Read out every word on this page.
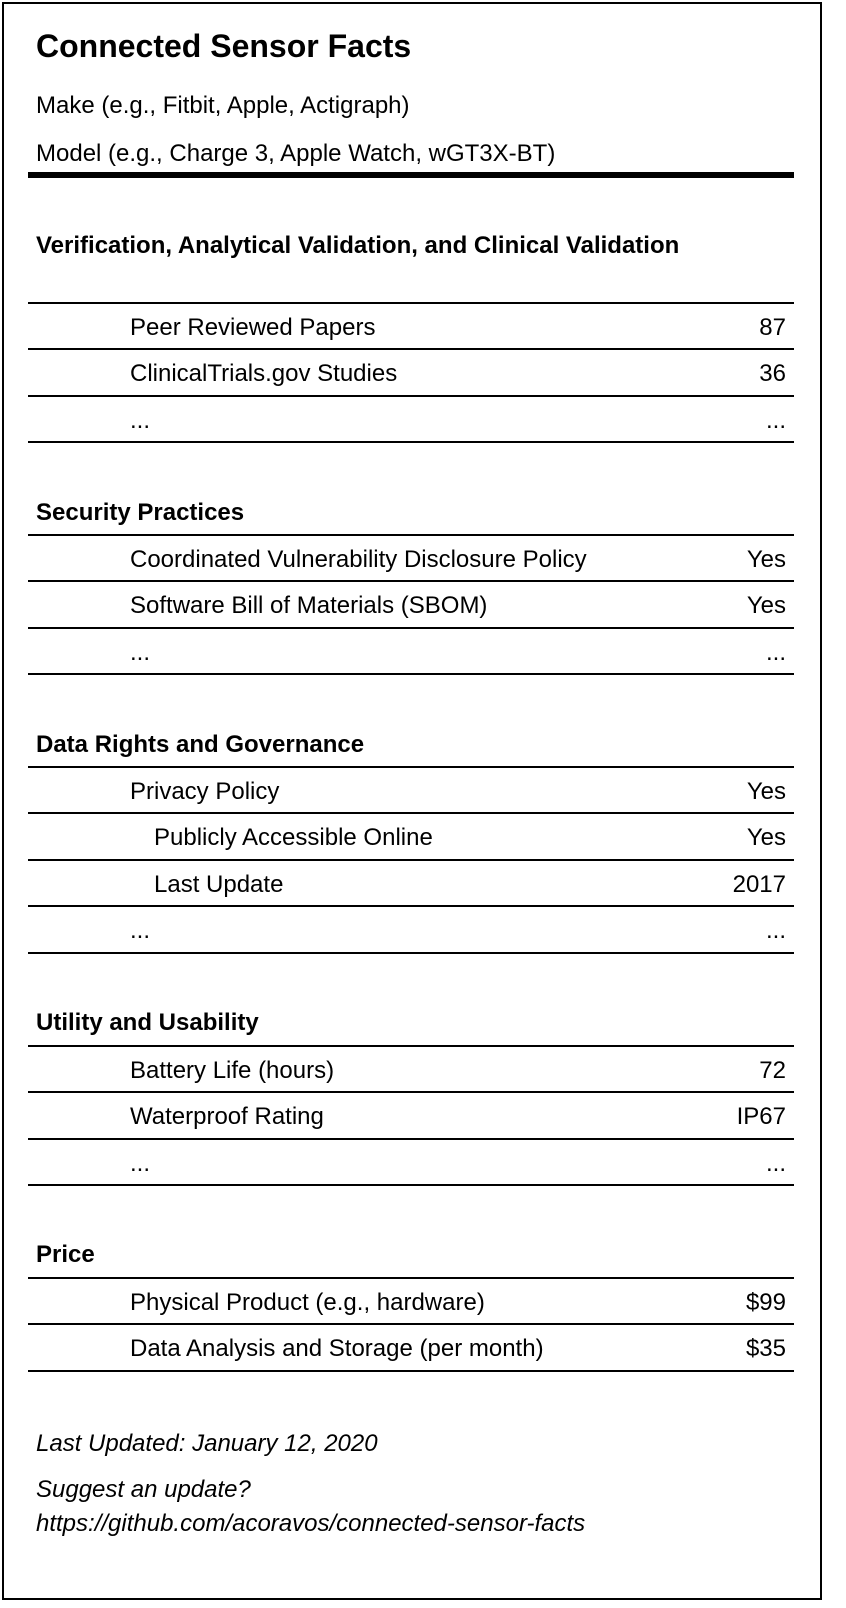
Connected Sensor Facts
Make (e.g., Fitbit, Apple, Actigraph)
Model (e.g., Charge 3, Apple Watch, wGT3X-BT)
Verification, Analytical Validation, and Clinical Validation
Peer Reviewed Papers	87
ClinicalTrials.gov Studies	36
...	...
Security Practices
Coordinated Vulnerability Disclosure Policy	Yes
Software Bill of Materials (SBOM)	Yes
...	...
Data Rights and Governance
Privacy Policy	Yes
Publicly Accessible Online	Yes
Last Update	2017
...	...
Utility and Usability
Battery Life (hours)	72
Waterproof Rating	IP67
...	...
Price
Physical Product (e.g., hardware)	$99
Data Analysis and Storage (per month)	$35
Last Updated: January 12, 2020
Suggest an update?
https://github.com/acoravos/connected-sensor-facts
